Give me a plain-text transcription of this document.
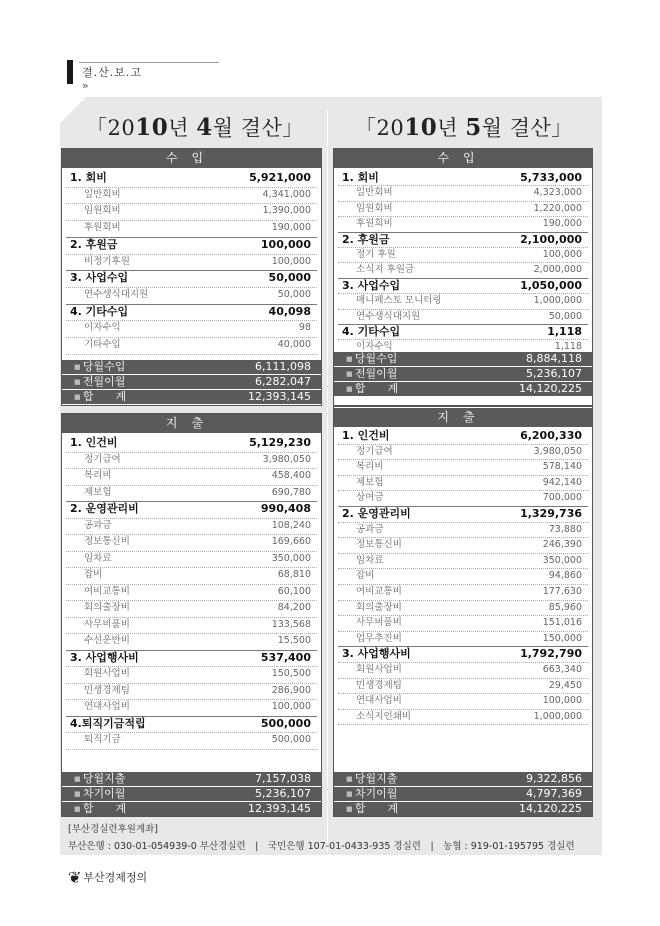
결.산.보.고
»
「2010년 4월 결산」 「2010년 5월 결산」
수입
1. 회비	5,921,000
일반회비	4,341,000
임원회비	1,390,000
후원회비	190,000
2. 후원금	100,000
비정기후원	100,000
3. 사업수입	50,000
연수생식대지원	50,000
4. 기타수입	40,098
이자수익	98
기타수입	40,000
■ 당월수입	6,111,098
■ 전월이월	6,282,047
■ 합　　계	12,393,145
지출
1. 인건비	5,129,230
정기급여	3,980,050
복리비	458,400
제보험	690,780
2. 운영관리비	990,408
공과금	108,240
정보통신비	169,660
임차료	350,000
잡비	68,810
여비교통비	60,100
회의출장비	84,200
사무비품비	133,568
수선운반비	15,500
3. 사업행사비	537,400
회원사업비	150,500
민생경제팀	286,900
연대사업비	100,000
4.퇴직기금적립	500,000
퇴직기금	500,000
■ 당월지출	7,157,038
■ 차기이월	5,236,107
■ 합　　계	12,393,145
수입
1. 회비	5,733,000
일반회비	4,323,000
임원회비	1,220,000
후원회비	190,000
2. 후원금	2,100,000
정기 후원	100,000
소식지 후원금	2,000,000
3. 사업수입	1,050,000
매니페스토 모니터링	1,000,000
연수생식대지원	50,000
4. 기타수입	1,118
이자수익	1,118
■ 당월수입	8,884,118
■ 전월이월	5,236,107
■ 합　　계	14,120,225
지출
1. 인건비	6,200,330
정기급여	3,980,050
복리비	578,140
제보험	942,140
상여금	700,000
2. 운영관리비	1,329,736
공과금	73,880
정보통신비	246,390
임차료	350,000
잡비	94,860
여비교통비	177,630
회의출장비	85,960
사무비품비	151,016
업무추진비	150,000
3. 사업행사비	1,792,790
회원사업비	663,340
민생경제팀	29,450
연대사업비	100,000
소식지인쇄비	1,000,000
■ 당월지출	9,322,856
■ 차기이월	4,797,369
■ 합　　계	14,120,225
[부산경실련후원계좌]
부산은행 : 030-01-054939-0 부산경실련　|　국민은행 107-01-0433-935 경실련　|　농협 : 919-01-195795 경실련
❦ 부산경제정의
